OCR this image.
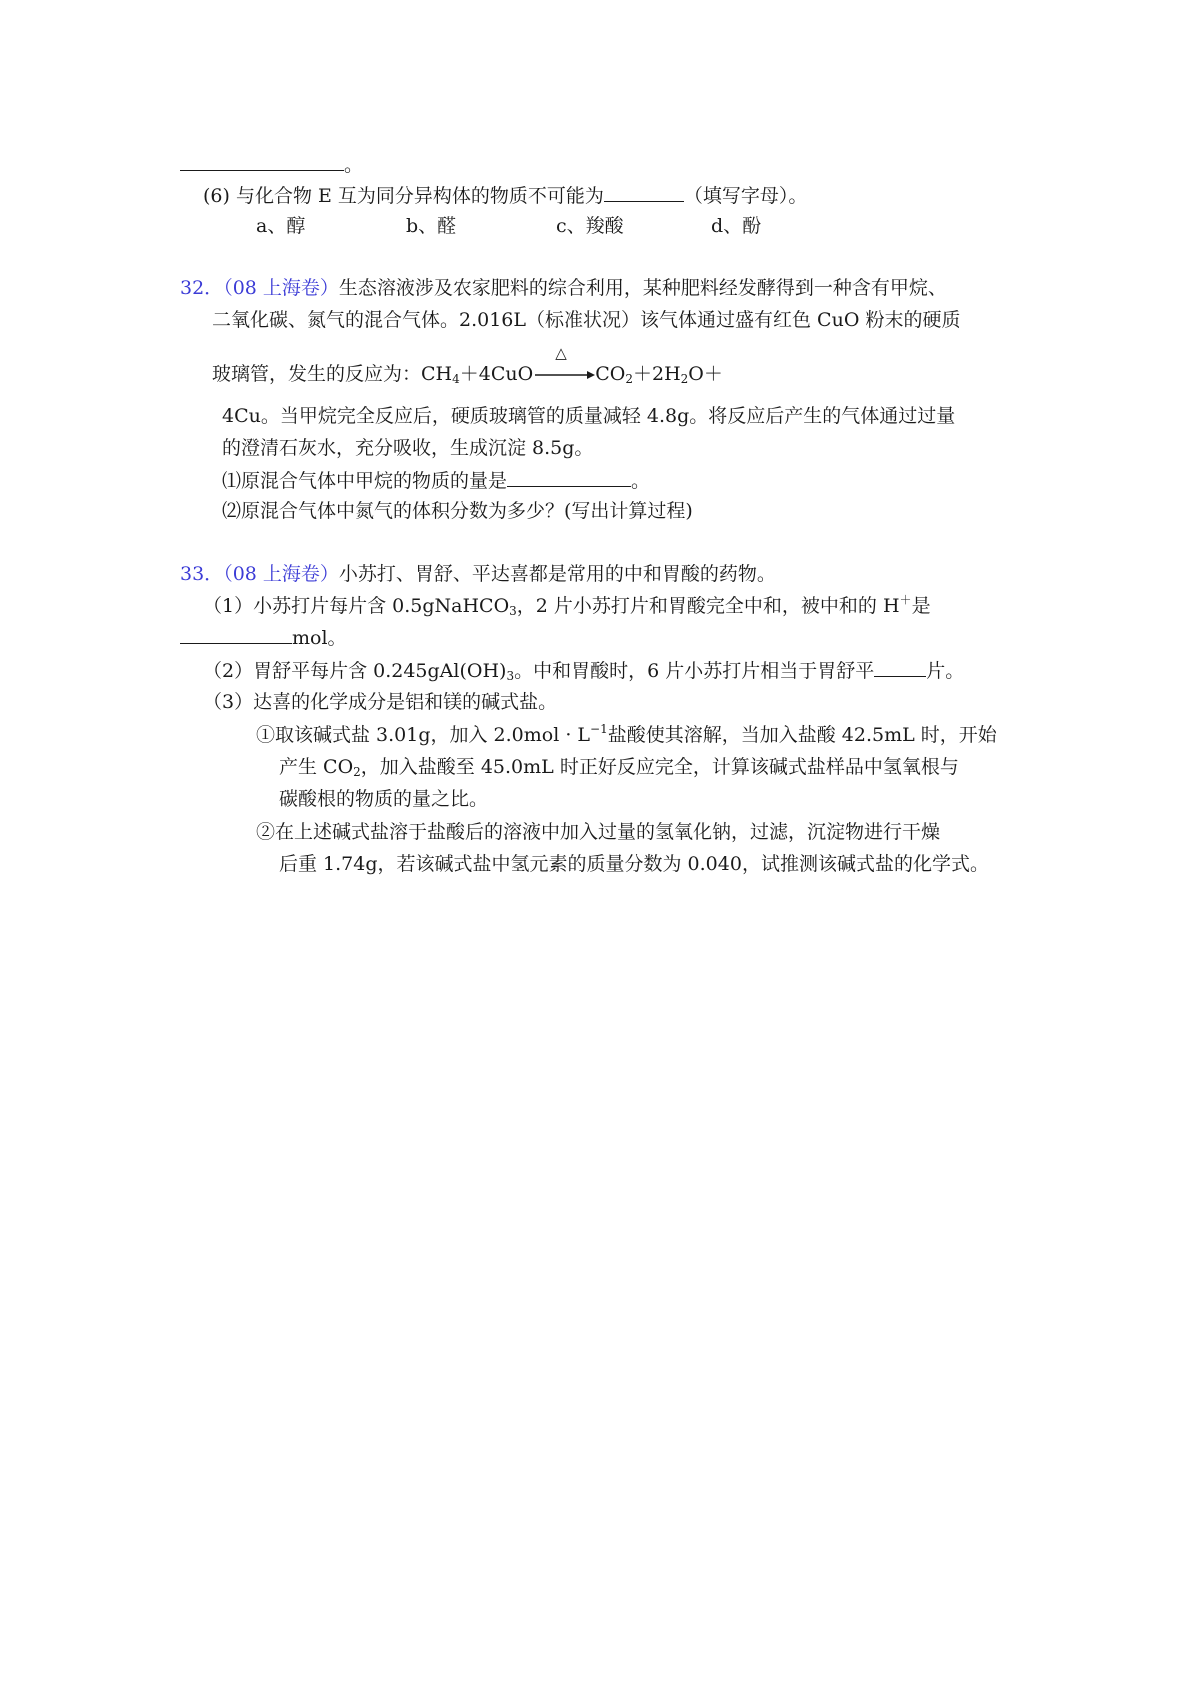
。
(6) 与化合物 E 互为同分异构体的物质不可能为	（填写字母）。
a、醇	b、醛	c、羧酸	d、酚
32．（08 上海卷）生态溶液涉及农家肥料的综合利用，某种肥料经发酵得到一种含有甲烷、
二氧化碳、氮气的混合气体。2.016L（标准状况）该气体通过盛有红色 CuO 粉末的硬质
玻璃管，发生的反应为：$CH_4+4CuO$
△
$CO_2+2H_2O+$
4Cu。当甲烷完全反应后，硬质玻璃管的质量减轻 4.8g。将反应后产生的气体通过过量
的澄清石灰水，充分吸收，生成沉淀 8.5g。
⑴原混合气体中甲烷的物质的量是	。
⑵原混合气体中氮气的体积分数为多少？(写出计算过程)
33．（08 上海卷）小苏打、胃舒、平达喜都是常用的中和胃酸的药物。
（1）小苏打片每片含 0.5gNaHCO$_3$，2 片小苏打片和胃酸完全中和，被中和的 H＋是
mol。
（2）胃舒平每片含 $0.245gAl(OH)_3$。中和胃酸时，6 片小苏打片相当于胃舒平	片。
（3）达喜的化学成分是铝和镁的碱式盐。
①取该碱式盐 3.01g，加入 $2.0mol \cdot L^{-1}$盐酸使其溶解，当加入盐酸 42.5mL 时，开始
产生 $CO_2$，加入盐酸至 45.0mL 时正好反应完全，计算该碱式盐样品中氢氧根与
碳酸根的物质的量之比。
②在上述碱式盐溶于盐酸后的溶液中加入过量的氢氧化钠，过滤，沉淀物进行干燥
后重 1.74g，若该碱式盐中氢元素的质量分数为 0.040，试推测该碱式盐的化学式。
